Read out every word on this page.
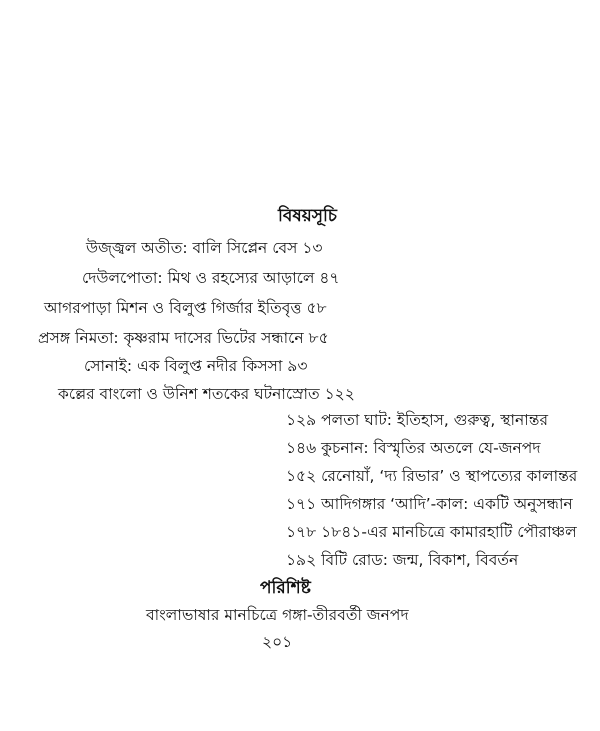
বিষয়সূচি
উজ্জ্বল অতীত: বালি সিপ্লেন বেস ১৩
দেউলপোতা: মিথ ও রহস্যের আড়ালে ৪৭
আগরপাড়া মিশন ও বিলুপ্ত গির্জার ইতিবৃত্ত ৫৮
প্রসঙ্গ নিমতা: কৃষ্ণরাম দাসের ভিটের সন্ধানে ৮৫
সোনাই: এক বিলুপ্ত নদীর কিসসা ৯৩
কল্লের বাংলো ও উনিশ শতকের ঘটনাস্রোত ১২২
১২৯ পলতা ঘাট: ইতিহাস, গুরুত্ব, স্থানান্তর
১৪৬ কুচনান: বিস্মৃতির অতলে যে-জনপদ
১৫২ রেনোয়াঁ, ‘দ্য রিভার’ ও স্থাপত্যের কালান্তর
১৭১ আদিগঙ্গার ‘আদি’-কাল: একটি অনুসন্ধান
১৭৮ ১৮৪১-এর মানচিত্রে কামারহাটি পৌরাঞ্চল
১৯২ বিটি রোড: জন্ম, বিকাশ, বিবর্তন
পরিশিষ্ট
বাংলাভাষার মানচিত্রে গঙ্গা-তীরবর্তী জনপদ
২০১
